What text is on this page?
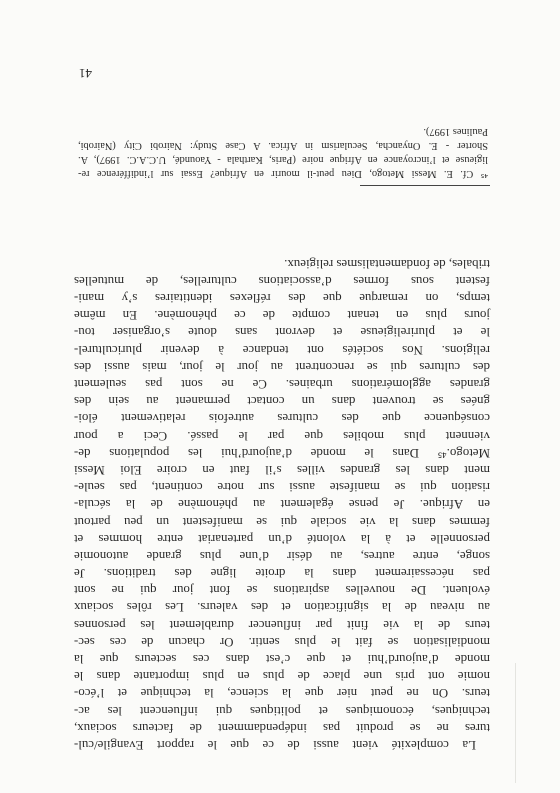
La complexité vient aussi de ce que le rapport Evangile/cul-
tures ne se produit pas indépendamment de facteurs sociaux,
techniques, économiques et politiques qui influencent les ac-
teurs. On ne peut nier que la science, la technique et l’éco-
nomie ont pris une place de plus en plus importante dans le
monde d’aujourd’hui et que c’est dans ces secteurs que la
mondialisation se fait le plus sentir. Or chacun de ces sec-
teurs de la vie finit par influencer durablement les personnes
au niveau de la signification et des valeurs. Les rôles sociaux
évoluent. De nouvelles aspirations se font jour qui ne sont
pas nécessairement dans la droite ligne des traditions. Je
songe, entre autres, au désir d’une plus grande autonomie
personnelle et à la volonté d’un partenariat entre hommes et
femmes dans la vie sociale qui se manifestent un peu partout
en Afrique. Je pense également au phénomène de la sécula-
risation qui se manifeste aussi sur notre continent, pas seule-
ment dans les grandes villes s’il faut en croire Eloi Messi
Metogo.⁴⁵ Dans le monde d’aujourd’hui les populations de-
viennent plus mobiles que par le passé. Ceci a pour
conséquence que des cultures autrefois relativement éloi-
gnées se trouvent dans un contact permanent au sein des
grandes agglomérations urbaines. Ce ne sont pas seulement
des cultures qui se rencontrent au jour le jour, mais aussi des
religions. Nos sociétés ont tendance à devenir pluriculturel-
le et plurireligieuse et devront sans doute s’organiser tou-
jours plus en tenant compte de ce phénomène. En même
temps, on remarque que des réflexes identitaires s’y mani-
festent sous formes d’associations culturelles, de mutuelles
tribales, de fondamentalismes religieux.
⁴⁵ Cf. E. Messi Metogo, Dieu peut-il mourir en Afrique? Essai sur l’indifférence re-
ligieuse et l’incroyance en Afrique noire (Paris, Karthala - Yaoundé, U.C.A.C. 1997), A.
Shorter - E. Onyancha, Secularism in Africa. A Case Study: Nairobi City (Nairobi,
Paulines 1997).
41
